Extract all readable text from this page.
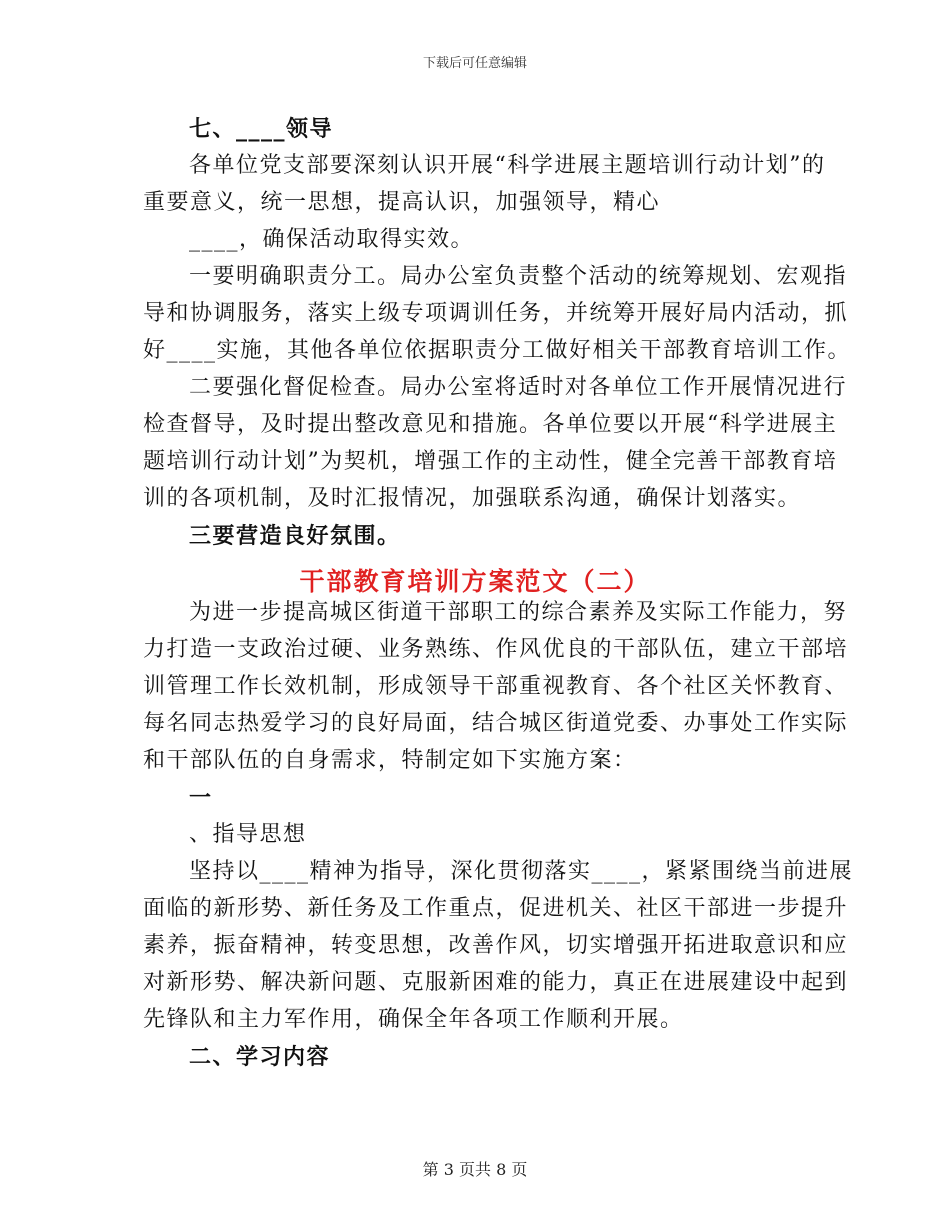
下载后可任意编辑
七、____领导
各单位党支部要深刻认识开展“科学进展主题培训行动计划”的
重要意义，统一思想，提高认识，加强领导，精心
____，确保活动取得实效。
一要明确职责分工。局办公室负责整个活动的统筹规划、宏观指
导和协调服务，落实上级专项调训任务，并统筹开展好局内活动，抓
好____实施，其他各单位依据职责分工做好相关干部教育培训工作。
二要强化督促检查。局办公室将适时对各单位工作开展情况进行
检查督导，及时提出整改意见和措施。各单位要以开展“科学进展主
题培训行动计划”为契机，增强工作的主动性，健全完善干部教育培
训的各项机制，及时汇报情况，加强联系沟通，确保计划落实。
三要营造良好氛围。
干部教育培训方案范文（二）
为进一步提高城区街道干部职工的综合素养及实际工作能力，努
力打造一支政治过硬、业务熟练、作风优良的干部队伍，建立干部培
训管理工作长效机制，形成领导干部重视教育、各个社区关怀教育、
每名同志热爱学习的良好局面，结合城区街道党委、办事处工作实际
和干部队伍的自身需求，特制定如下实施方案：
一
、指导思想
坚持以____精神为指导，深化贯彻落实____，紧紧围绕当前进展
面临的新形势、新任务及工作重点，促进机关、社区干部进一步提升
素养，振奋精神，转变思想，改善作风，切实增强开拓进取意识和应
对新形势、解决新问题、克服新困难的能力，真正在进展建设中起到
先锋队和主力军作用，确保全年各项工作顺利开展。
二、学习内容
第 3 页共 8 页
